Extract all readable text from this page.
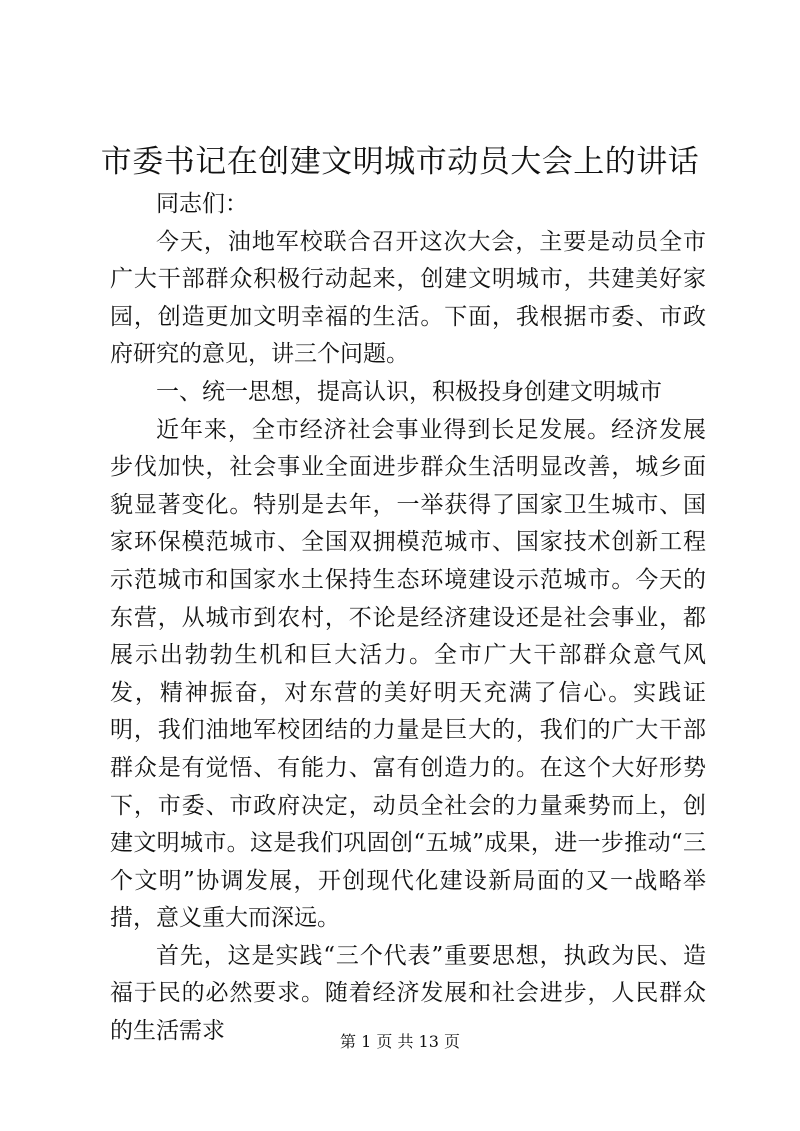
市委书记在创建文明城市动员大会上的讲话

同志们：

今天，油地军校联合召开这次大会，主要是动员全市广大干部群众积极行动起来，创建文明城市，共建美好家园，创造更加文明幸福的生活。下面，我根据市委、市政府研究的意见，讲三个问题。

一、统一思想，提高认识，积极投身创建文明城市

近年来，全市经济社会事业得到长足发展。经济发展步伐加快，社会事业全面进步群众生活明显改善，城乡面貌显著变化。特别是去年，一举获得了国家卫生城市、国家环保模范城市、全国双拥模范城市、国家技术创新工程示范城市和国家水土保持生态环境建设示范城市。今天的东营，从城市到农村，不论是经济建设还是社会事业，都展示出勃勃生机和巨大活力。全市广大干部群众意气风发，精神振奋，对东营的美好明天充满了信心。实践证明，我们油地军校团结的力量是巨大的，我们的广大干部群众是有觉悟、有能力、富有创造力的。在这个大好形势下，市委、市政府决定，动员全社会的力量乘势而上，创建文明城市。这是我们巩固创“五城”成果，进一步推动“三个文明”协调发展，开创现代化建设新局面的又一战略举措，意义重大而深远。

首先，这是实践“三个代表”重要思想，执政为民、造福于民的必然要求。随着经济发展和社会进步，人民群众的生活需求	第 1 页 共 13 页
